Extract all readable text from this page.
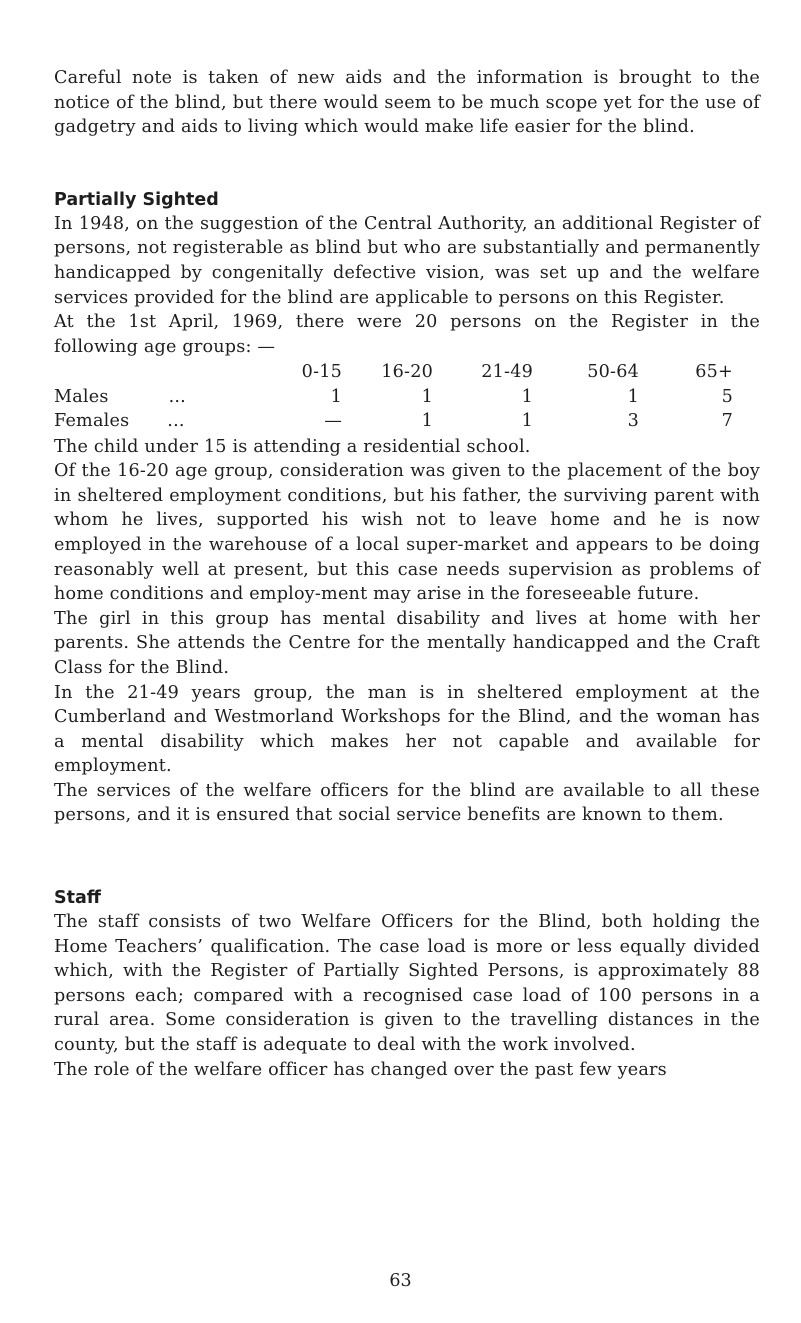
Careful note is taken of new aids and the information is brought to the notice of the blind, but there would seem to be much scope yet for the use of gadgetry and aids to living which would make life easier for the blind.

Partially Sighted

In 1948, on the suggestion of the Central Authority, an additional Register of persons, not registerable as blind but who are substantially and permanently handicapped by congenitally defective vision, was set up and the welfare services provided for the blind are applicable to persons on this Register.

At the 1st April, 1969, there were 20 persons on the Register in the following age groups: —

	0-15	16-20	21-49	50-64	65+
Males ...	1	1	1	1	5
Females ...	—	1	1	3	7

The child under 15 is attending a residential school.

Of the 16-20 age group, consideration was given to the placement of the boy in sheltered employment conditions, but his father, the surviving parent with whom he lives, supported his wish not to leave home and he is now employed in the warehouse of a local super-market and appears to be doing reasonably well at present, but this case needs supervision as problems of home conditions and employ-ment may arise in the foreseeable future.

The girl in this group has mental disability and lives at home with her parents. She attends the Centre for the mentally handicapped and the Craft Class for the Blind.

In the 21-49 years group, the man is in sheltered employment at the Cumberland and Westmorland Workshops for the Blind, and the woman has a mental disability which makes her not capable and available for employment.

The services of the welfare officers for the blind are available to all these persons, and it is ensured that social service benefits are known to them.

Staff

The staff consists of two Welfare Officers for the Blind, both holding the Home Teachers’ qualification. The case load is more or less equally divided which, with the Register of Partially Sighted Persons, is approximately 88 persons each; compared with a recognised case load of 100 persons in a rural area. Some consideration is given to the travelling distances in the county, but the staff is adequate to deal with the work involved.

The role of the welfare officer has changed over the past few years

63
